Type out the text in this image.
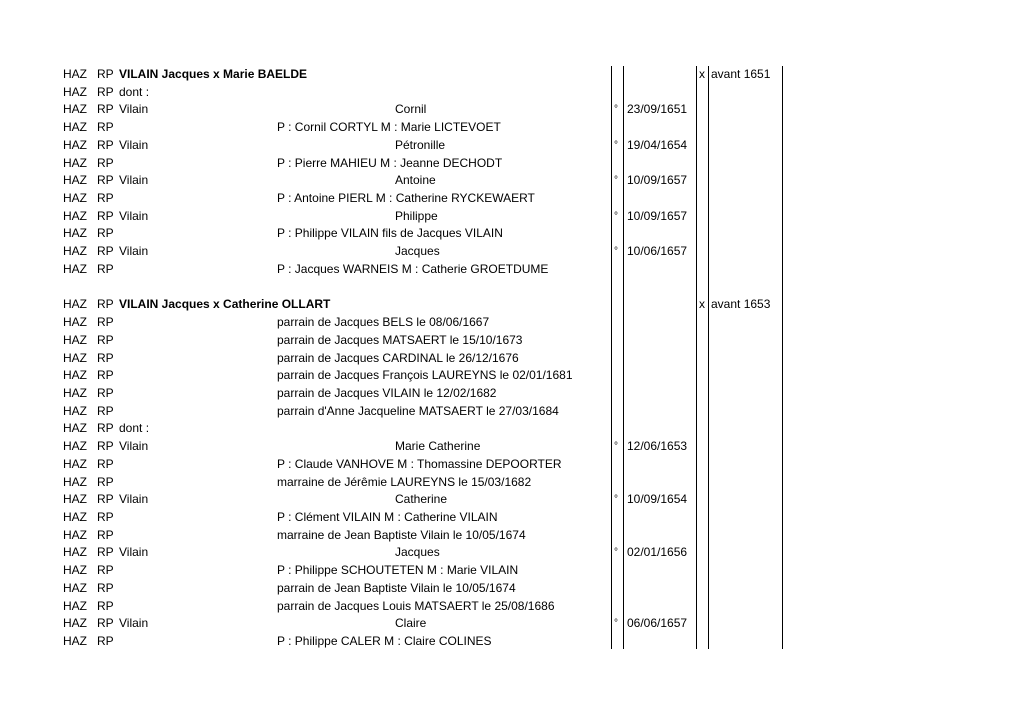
HAZ RP VILAIN Jacques x Marie BAELDE	x avant 1651
HAZ RP dont :
HAZ RP Vilain	Cornil	° 23/09/1651
HAZ RP	P : Cornil CORTYL M : Marie LICTEVOET
HAZ RP Vilain	Pétronille	° 19/04/1654
HAZ RP	P : Pierre MAHIEU M : Jeanne DECHODT
HAZ RP Vilain	Antoine	° 10/09/1657
HAZ RP	P : Antoine PIERL M : Catherine RYCKEWAERT
HAZ RP Vilain	Philippe	° 10/09/1657
HAZ RP	P : Philippe VILAIN fils de Jacques VILAIN
HAZ RP Vilain	Jacques	° 10/06/1657
HAZ RP	P : Jacques WARNEIS M : Catherie GROETDUME
HAZ RP VILAIN Jacques x Catherine OLLART	x avant 1653
HAZ RP	parrain de Jacques BELS le 08/06/1667
HAZ RP	parrain de Jacques MATSAERT le 15/10/1673
HAZ RP	parrain de Jacques CARDINAL le 26/12/1676
HAZ RP	parrain de Jacques François LAUREYNS le 02/01/1681
HAZ RP	parrain de Jacques VILAIN le 12/02/1682
HAZ RP	parrain d'Anne Jacqueline MATSAERT le 27/03/1684
HAZ RP dont :
HAZ RP Vilain	Marie Catherine	° 12/06/1653
HAZ RP	P : Claude VANHOVE M : Thomassine DEPOORTER
HAZ RP	marraine de Jérêmie LAUREYNS le 15/03/1682
HAZ RP Vilain	Catherine	° 10/09/1654
HAZ RP	P : Clément VILAIN M : Catherine VILAIN
HAZ RP	marraine de Jean Baptiste Vilain le 10/05/1674
HAZ RP Vilain	Jacques	° 02/01/1656
HAZ RP	P : Philippe SCHOUTETEN M : Marie VILAIN
HAZ RP	parrain de Jean Baptiste Vilain le 10/05/1674
HAZ RP	parrain de Jacques Louis MATSAERT le 25/08/1686
HAZ RP Vilain	Claire	° 06/06/1657
HAZ RP	P : Philippe CALER M : Claire COLINES
